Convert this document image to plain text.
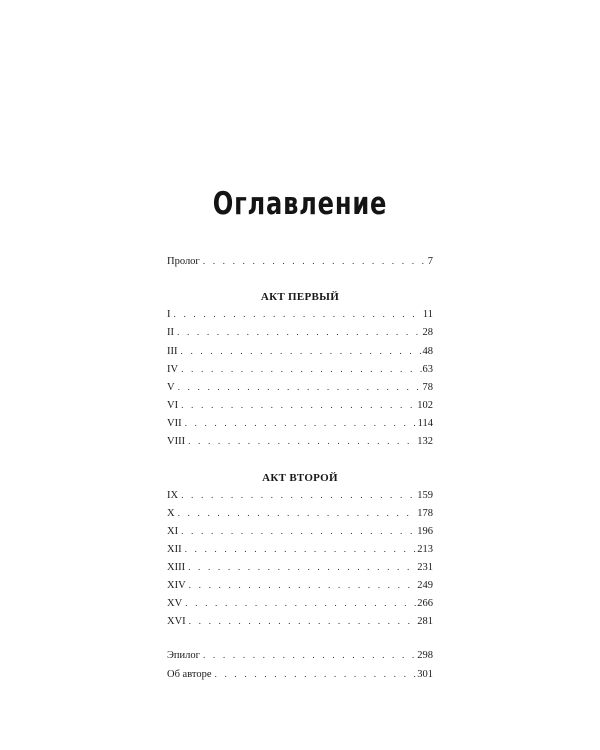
Оглавление
Пролог . . .	7
АКТ ПЕРВЫЙ
I . . .	11
II . . .	28
III . . .	48
IV . . .	63
V . . .	78
VI . . .	102
VII . . .	114
VIII . . .	132
АКТ ВТОРОЙ
IX . . .	159
X . . .	178
XI . . .	196
XII . . .	213
XIII . . .	231
XIV . . .	249
XV . . .	266
XVI . . .	281
Эпилог . . .	298
Об авторе . . .	301
